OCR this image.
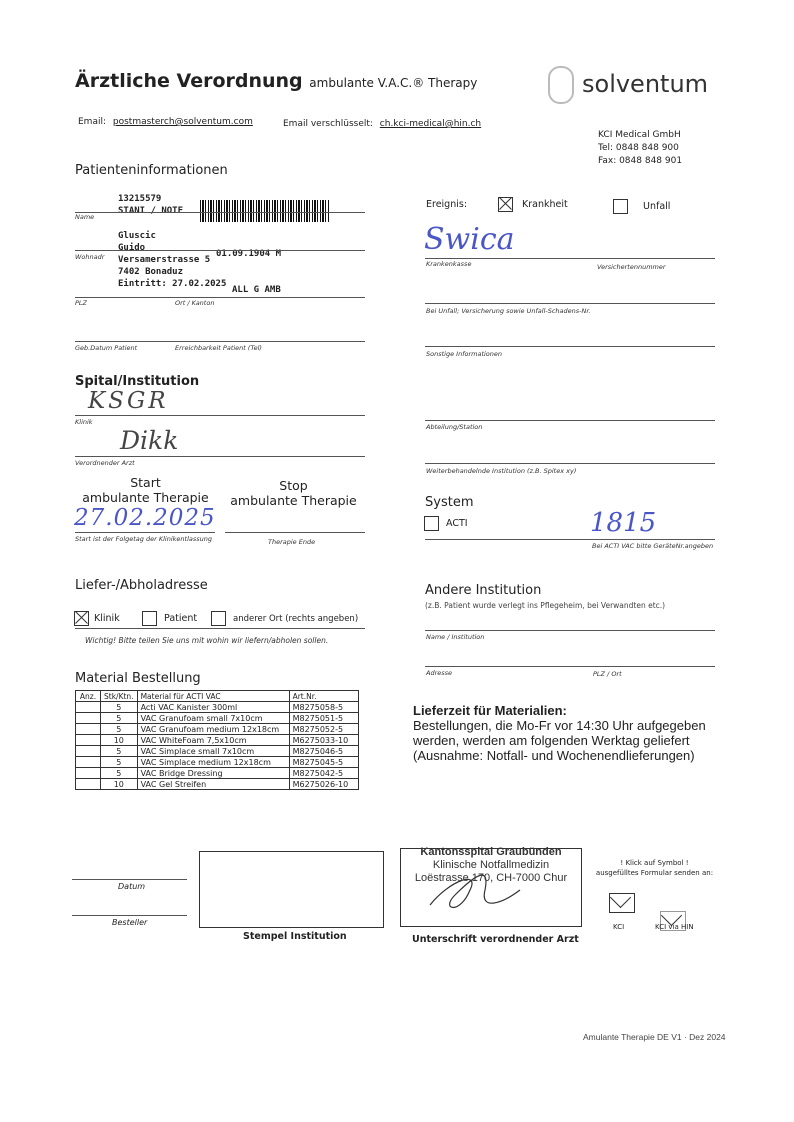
Ärztliche Verordnung ambulante V.A.C.® Therapy	solventum
Email: postmasterch@solventum.com	Email verschlüsselt: ch.kci-medical@hin.ch
KCI Medical GmbH
Tel: 0848 848 900
Fax: 0848 848 901
Patienteninformationen
13215579
STANI / NOTF
Name
Gluscic
Guido
Versamerstrasse 5
7402 Bonaduz
Eintritt: 27.02.2025
01.09.1904 M
ALL G AMB
Wohnadr
PLZ	Ort / Kanton
Geb.Datum Patient	Erreichbarkeit Patient (Tel)
Ereignis:	Krankheit	Unfall
Swica
Krankenkasse	Versichertennummer
Bei Unfall; Versicherung sowie Unfall-Schadens-Nr.
Sonstige Informationen
Spital/Institution
KSGR
Klinik
Dikk
Verordnender Arzt
Abteilung/Station
Weiterbehandelnde Institution (z.B. Spitex xy)
Start
ambulante Therapie
Stop
ambulante Therapie
27.02.2025
Start ist der Folgetag der Klinikentlassung	Therapie Ende
System
ACTI	1815
Bei ACTI VAC bitte GeräteNr.angeben
Liefer-/Abholadresse
Klinik	Patient	anderer Ort (rechts angeben)
Wichtig! Bitte teilen Sie uns mit wohin wir liefern/abholen sollen.
Andere Institution
(z.B. Patient wurde verlegt ins Pflegeheim, bei Verwandten etc.)
Name / Institution
Adresse	PLZ / Ort
Material Bestellung
Anz.	Stk/Ktn.	Material für ACTI VAC	Art.Nr.
	5	Acti VAC Kanister 300ml	M8275058-5
	5	VAC Granufoam small 7x10cm	M8275051-5
	5	VAC Granufoam medium 12x18cm	M8275052-5
	10	VAC WhiteFoam 7,5x10cm	M6275033-10
	5	VAC Simplace small 7x10cm	M8275046-5
	5	VAC Simplace medium 12x18cm	M8275045-5
	5	VAC Bridge Dressing	M8275042-5
	10	VAC Gel Streifen	M6275026-10
Lieferzeit für Materialien:
Bestellungen, die Mo-Fr vor 14:30 Uhr aufgegeben
werden, werden am folgenden Werktag geliefert
(Ausnahme: Notfall- und Wochenendlieferungen)
Datum
Besteller
Stempel Institution
Kantonsspital Graubünden
Klinische Notfallmedizin
Loëstrasse 170, CH-7000 Chur
Unterschrift verordnender Arzt
! Klick auf Symbol !
ausgefülltes Formular senden an:
KCI	KCI via HIN
Amulante Therapie DE V1 · Dez 2024
